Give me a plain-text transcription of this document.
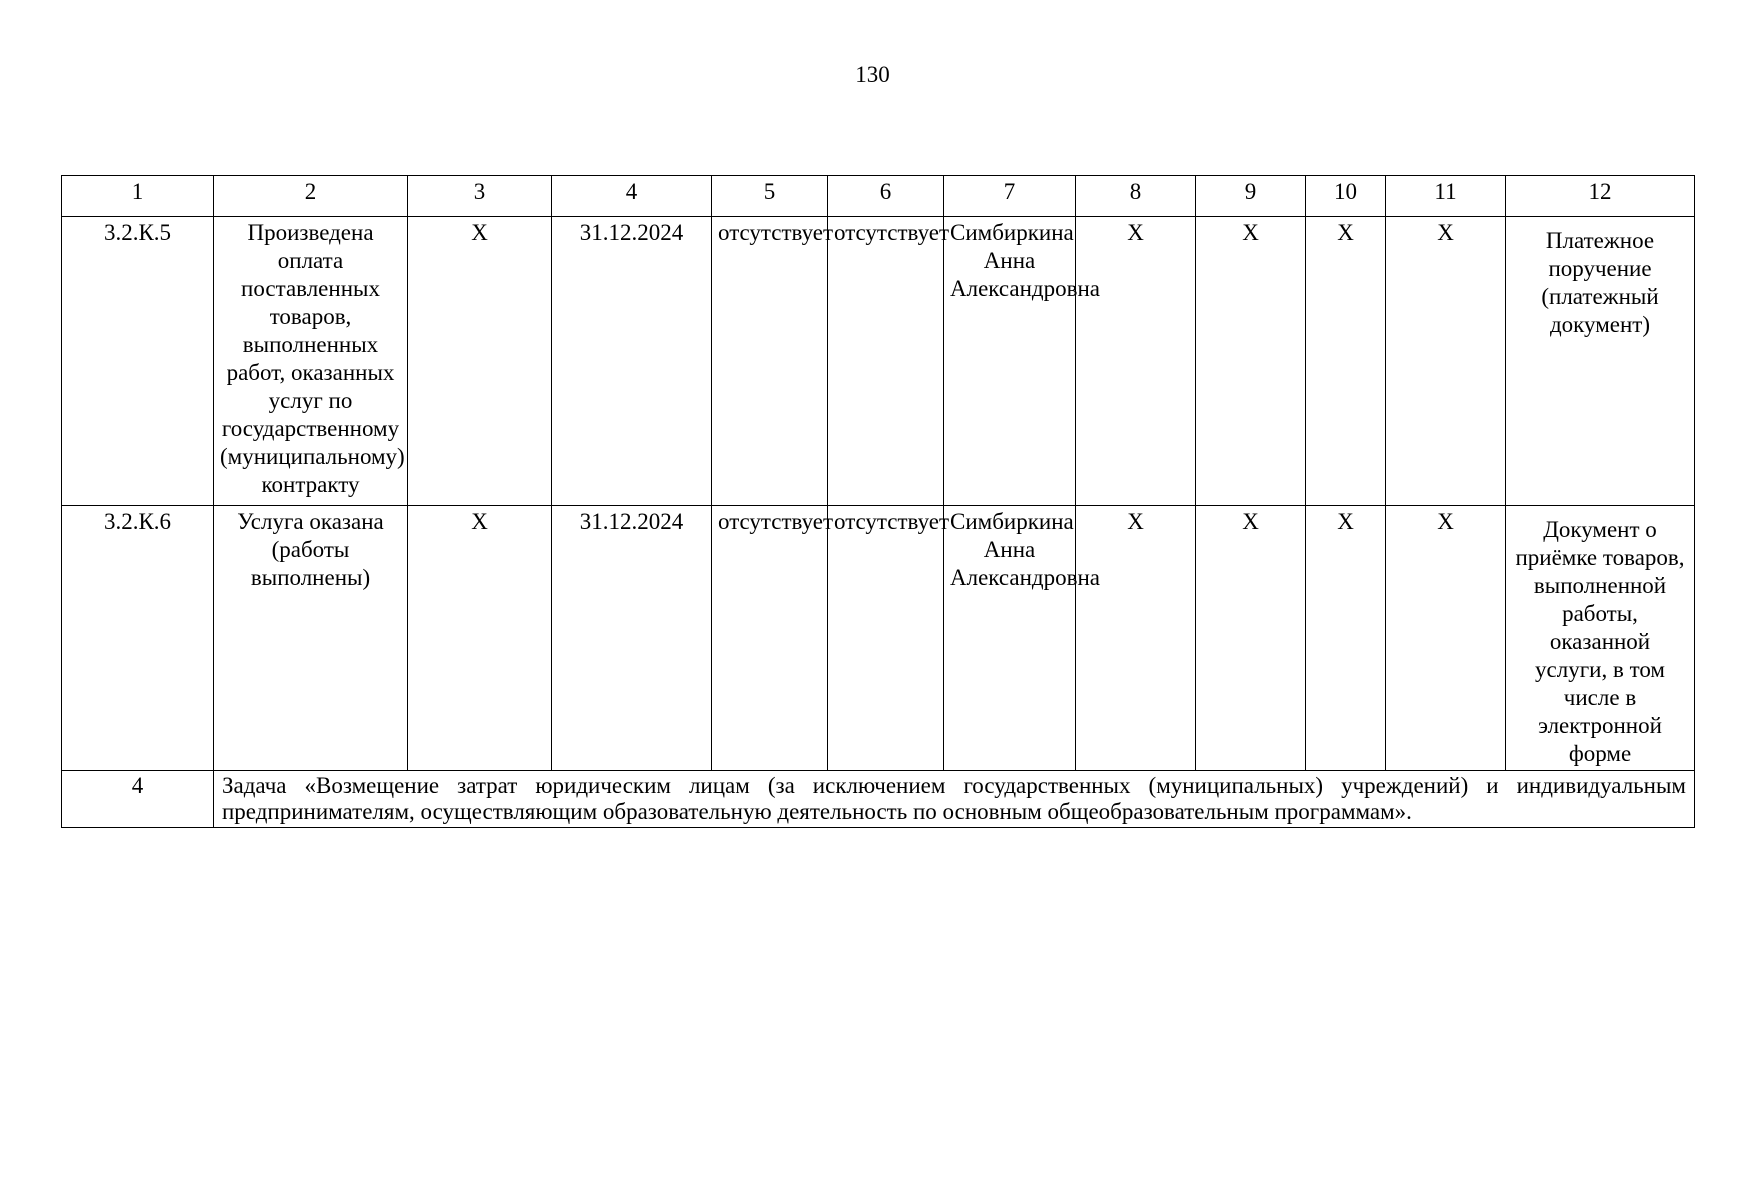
130
1	2	3	4	5	6	7	8	9	10	11	12
3.2.К.5	Произведена оплата поставленных товаров, выполненных работ, оказанных услуг по государственному (муниципальному) контракту	X	31.12.2024	отсутствует	отсутствует	Симбиркина Анна Александровна	X	X	X	X	Платежное поручение (платежный документ)
3.2.К.6	Услуга оказана (работы выполнены)	X	31.12.2024	отсутствует	отсутствует	Симбиркина Анна Александровна	X	X	X	X	Документ о приёмке товаров, выполненной работы, оказанной услуги, в том числе в электронной форме
4	Задача «Возмещение затрат юридическим лицам (за исключением государственных (муниципальных) учреждений) и индивидуальным предпринимателям, осуществляющим образовательную деятельность по основным общеобразовательным программам».										
